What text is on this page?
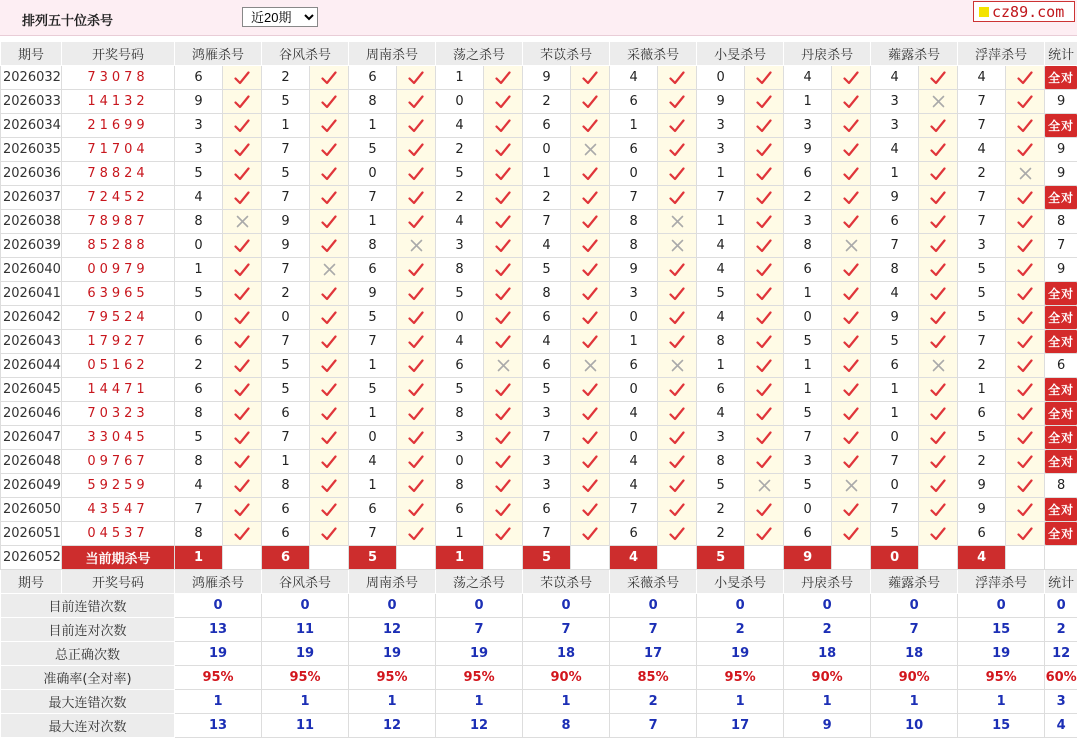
排列五十位杀号
近20期
cz89.com
期号	开奖号码	鸿雁杀号		谷风杀号		周南杀号		荡之杀号		芣苡杀号		采薇杀号		小旻杀号		丹扆杀号		蕹露杀号		浮萍杀号		统计
2026032	73078	6		2		6		1		9		4		0		4		4		4		全对
2026033	14132	9		5		8		0		2		6		9		1		3		7		9
2026034	21699	3		1		1		4		6		1		3		3		3		7		全对
2026035	71704	3		7		5		2		0		6		3		9		4		4		9
2026036	78824	5		5		0		5		1		0		1		6		1		2		9
2026037	72452	4		7		7		2		2		7		7		2		9		7		全对
2026038	78987	8		9		1		4		7		8		1		3		6		7		8
2026039	85288	0		9		8		3		4		8		4		8		7		3		7
2026040	00979	1		7		6		8		5		9		4		6		8		5		9
2026041	63965	5		2		9		5		8		3		5		1		4		5		全对
2026042	79524	0		0		5		0		6		0		4		0		9		5		全对
2026043	17927	6		7		7		4		4		1		8		5		5		7		全对
2026044	05162	2		5		1		6		6		6		1		1		6		2		6
2026045	14471	6		5		5		5		5		0		6		1		1		1		全对
2026046	70323	8		6		1		8		3		4		4		5		1		6		全对
2026047	33045	5		7		0		3		7		0		3		7		0		5		全对
2026048	09767	8		1		4		0		3		4		8		3		7		2		全对
2026049	59259	4		8		1		8		3		4		5		5		0		9		8
2026050	43547	7		6		6		6		6		7		2		0		7		9		全对
2026051	04537	8		6		7		1		7		6		2		6		5		6		全对
2026052	当前期杀号	1		6		5		1		5		4		5		9		0		4		
期号	开奖号码	鸿雁杀号		谷风杀号		周南杀号		荡之杀号		芣苡杀号		采薇杀号		小旻杀号		丹扆杀号		蕹露杀号		浮萍杀号		统计
目前连错次数		0		0		0		0		0		0		0		0		0		0		0
目前连对次数		13		11		12		7		7		7		2		2		7		15		2
总正确次数		19		19		19		19		18		17		19		18		18		19		12
准确率(全对率)		95%		95%		95%		95%		90%		85%		95%		90%		90%		95%		60%
最大连错次数		1		1		1		1		1		2		1		1		1		1		3
最大连对次数		13		11		12		12		8		7		17		9		10		15		4
